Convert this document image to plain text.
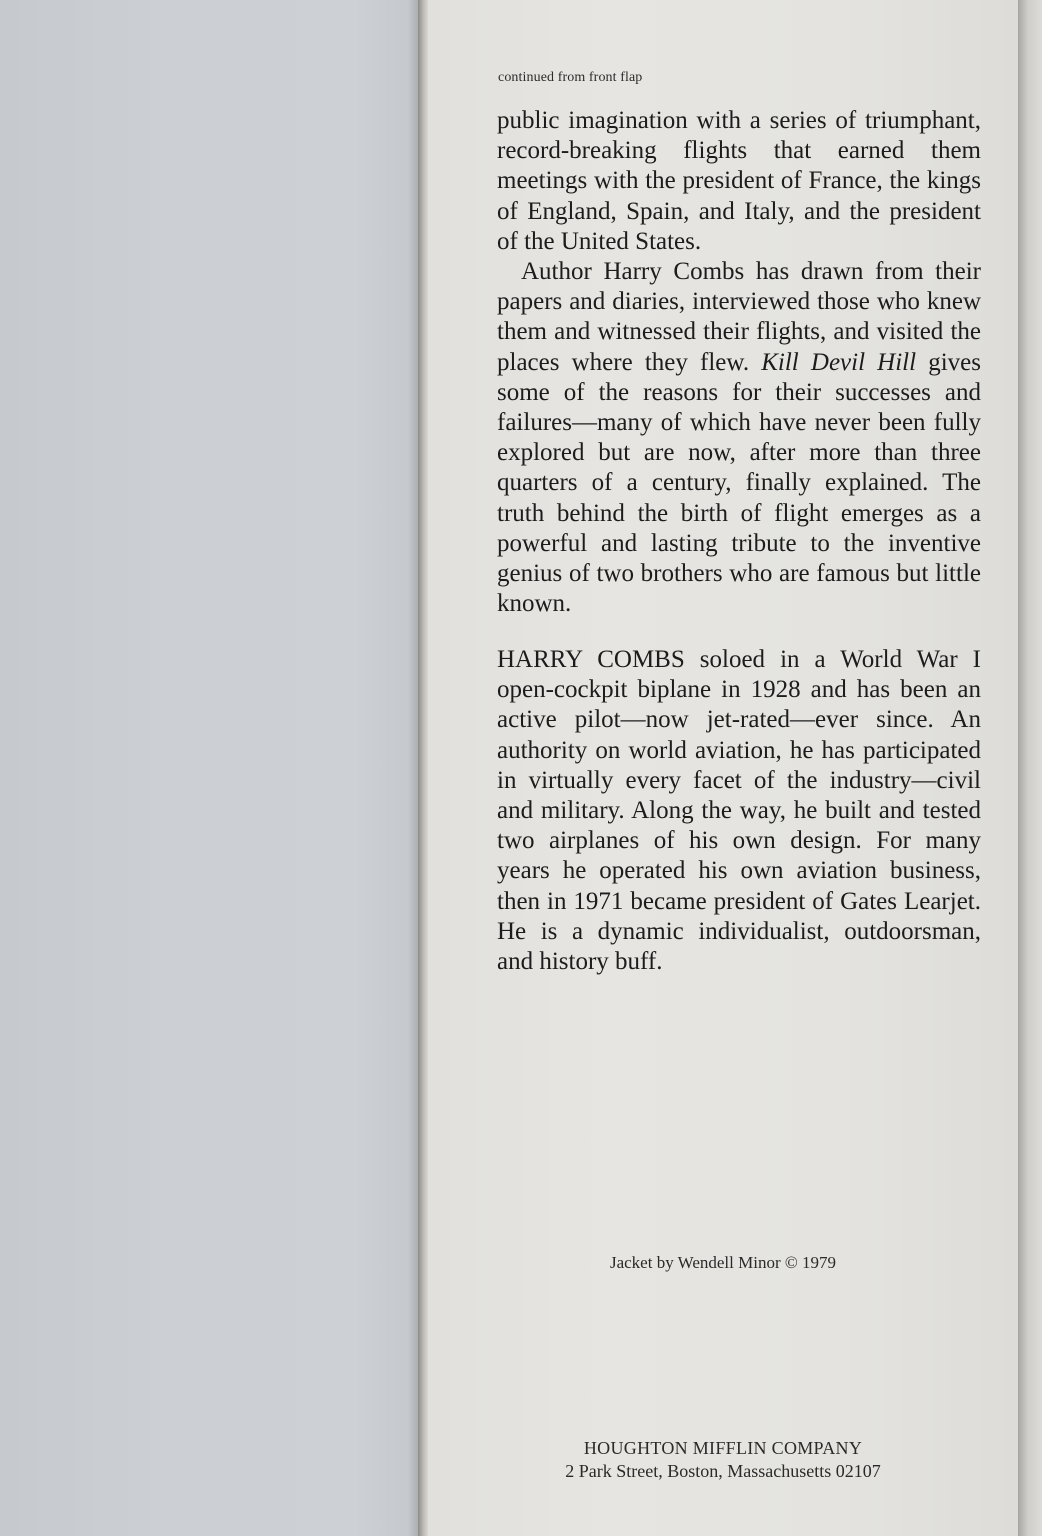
continued from front flap

public imagination with a series of triumphant, record-breaking flights that earned them meetings with the president of France, the kings of England, Spain, and Italy, and the president of the United States.

Author Harry Combs has drawn from their papers and diaries, interviewed those who knew them and witnessed their flights, and visited the places where they flew. Kill Devil Hill gives some of the reasons for their successes and failures—many of which have never been fully explored but are now, after more than three quarters of a century, finally explained. The truth behind the birth of flight emerges as a powerful and lasting tribute to the inventive genius of two brothers who are famous but little known.

HARRY COMBS soloed in a World War I open-cockpit biplane in 1928 and has been an active pilot—now jet-rated—ever since. An authority on world aviation, he has participated in virtually every facet of the industry—civil and military. Along the way, he built and tested two airplanes of his own design. For many years he operated his own aviation business, then in 1971 became president of Gates Learjet. He is a dynamic individualist, outdoorsman, and history buff.

Jacket by Wendell Minor © 1979
HOUGHTON MIFFLIN COMPANY
2 Park Street, Boston, Massachusetts 02107
